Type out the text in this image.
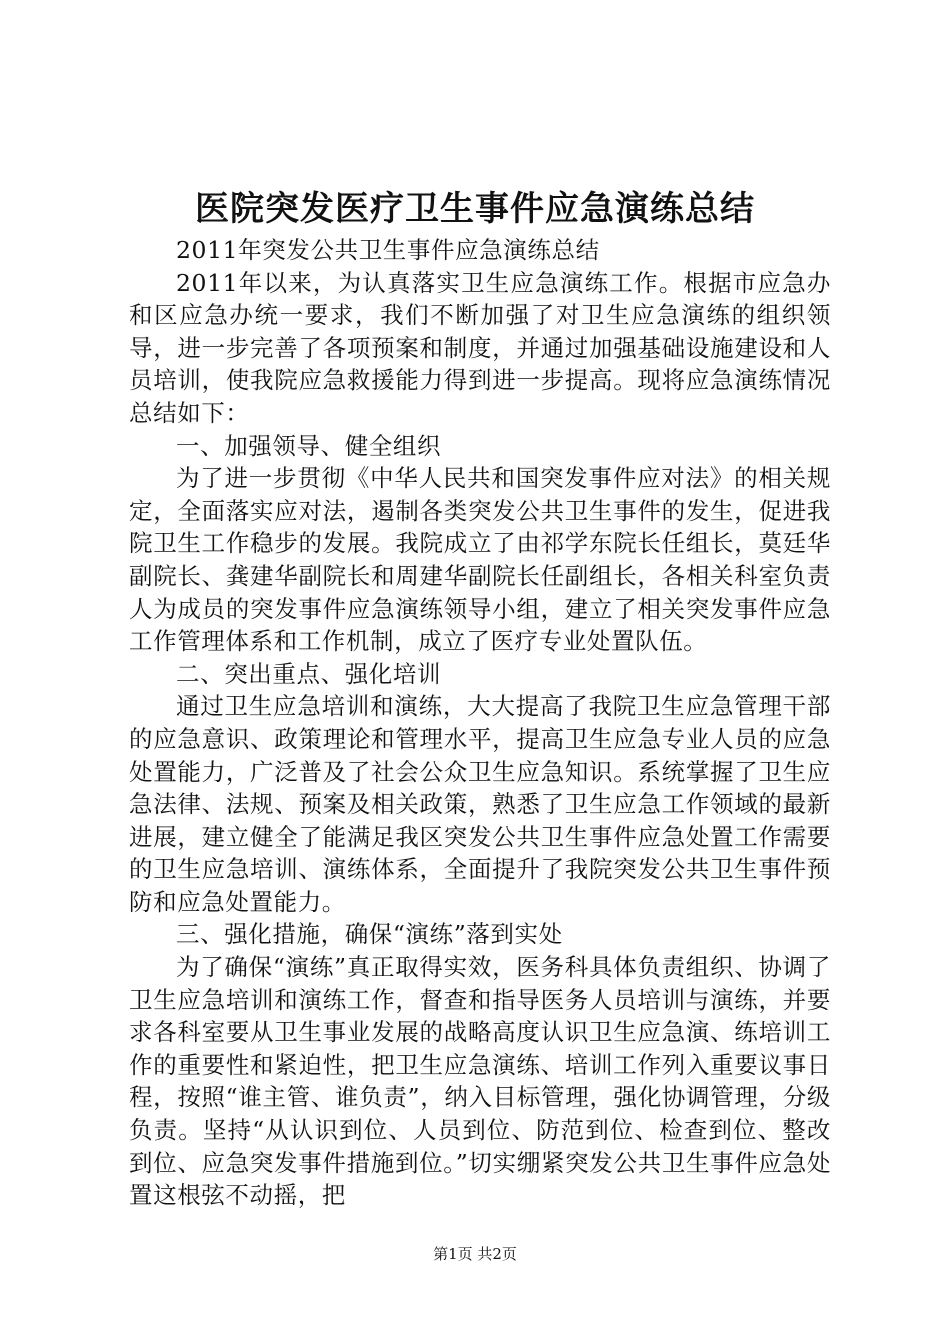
医院突发医疗卫生事件应急演练总结

2011年突发公共卫生事件应急演练总结

2011年以来，为认真落实卫生应急演练工作。根据市应急办和区应急办统一要求，我们不断加强了对卫生应急演练的组织领导，进一步完善了各项预案和制度，并通过加强基础设施建设和人员培训，使我院应急救援能力得到进一步提高。现将应急演练情况总结如下：

一、加强领导、健全组织

为了进一步贯彻《中华人民共和国突发事件应对法》的相关规定，全面落实应对法，遏制各类突发公共卫生事件的发生，促进我院卫生工作稳步的发展。我院成立了由祁学东院长任组长，莫廷华副院长、龚建华副院长和周建华副院长任副组长，各相关科室负责人为成员的突发事件应急演练领导小组，建立了相关突发事件应急工作管理体系和工作机制，成立了医疗专业处置队伍。

二、突出重点、强化培训

通过卫生应急培训和演练，大大提高了我院卫生应急管理干部的应急意识、政策理论和管理水平，提高卫生应急专业人员的应急处置能力，广泛普及了社会公众卫生应急知识。系统掌握了卫生应急法律、法规、预案及相关政策，熟悉了卫生应急工作领域的最新进展，建立健全了能满足我区突发公共卫生事件应急处置工作需要的卫生应急培训、演练体系，全面提升了我院突发公共卫生事件预防和应急处置能力。

三、强化措施，确保“演练”落到实处

为了确保“演练”真正取得实效，医务科具体负责组织、协调了卫生应急培训和演练工作，督查和指导医务人员培训与演练，并要求各科室要从卫生事业发展的战略高度认识卫生应急演、练培训工作的重要性和紧迫性，把卫生应急演练、培训工作列入重要议事日程，按照“谁主管、谁负责”，纳入目标管理，强化协调管理，分级负责。坚持“从认识到位、人员到位、防范到位、检查到位、整改到位、应急突发事件措施到位。”切实绷紧突发公共卫生事件应急处置这根弦不动摇，把

第1页 共2页
